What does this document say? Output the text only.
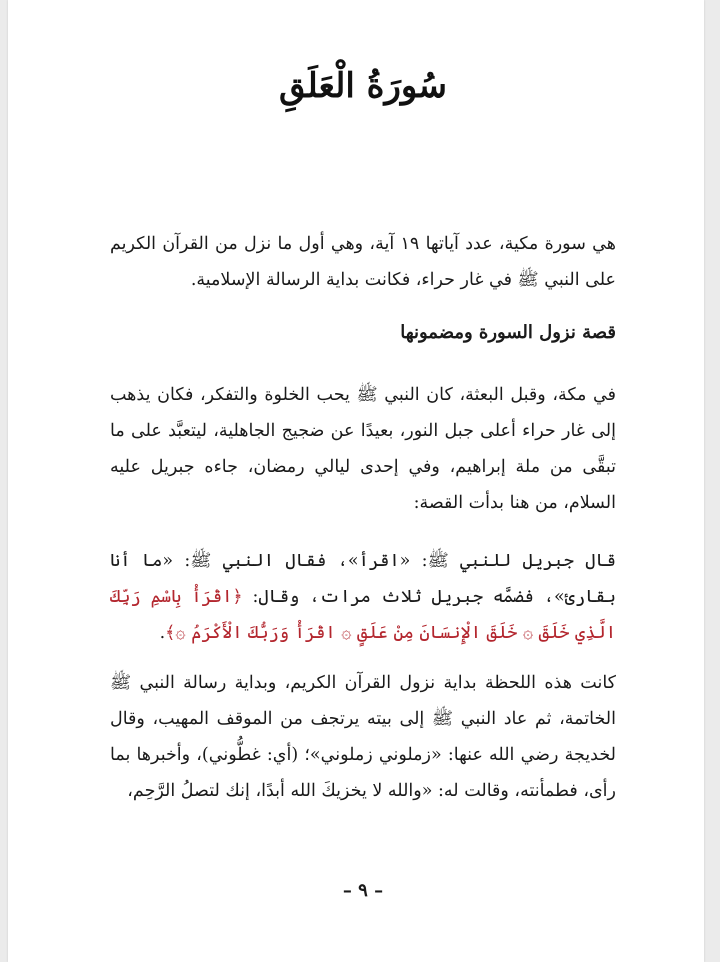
سُورَةُ الْعَلَقِ

هي سورة مكية، عدد آياتها ١٩ آية، وهي أول ما نزل من القرآن الكريم على النبي ﷺ في غار حراء، فكانت بداية الرسالة الإسلامية.

قصة نزول السورة ومضمونها

في مكة، وقبل البعثة، كان النبي ﷺ يحب الخلوة والتفكر، فكان يذهب إلى غار حراء أعلى جبل النور، بعيدًا عن ضجيج الجاهلية، ليتعبَّد على ما تبقَّى من ملة إبراهيم، وفي إحدى ليالي رمضان، جاءه جبريل عليه السلام، من هنا بدأت القصة:

قال جبريل للنبي ﷺ: «اقرأ»، فقال النبي ﷺ: «ما أنا بقارئ»، فضمَّه جبريل ثلاث مرات، وقال: ﴿اقْرَأْ بِاسْمِ رَبِّكَ الَّذِي خَلَقَ ۞ خَلَقَ الْإِنسَانَ مِنْ عَلَقٍ ۞ اقْرَأْ وَرَبُّكَ الْأَكْرَمُ ۞﴾.

كانت هذه اللحظة بداية نزول القرآن الكريم، وبداية رسالة النبي ﷺ الخاتمة، ثم عاد النبي ﷺ إلى بيته يرتجف من الموقف المهيب، وقال لخديجة رضي الله عنها: «زملوني زملوني»؛ (أي: غطُّوني)، وأخبرها بما رأى، فطمأنته، وقالت له: «والله لا يخزيكَ الله أبدًا، إنك لتصلُ الرَّحِم،

– ٩ –
